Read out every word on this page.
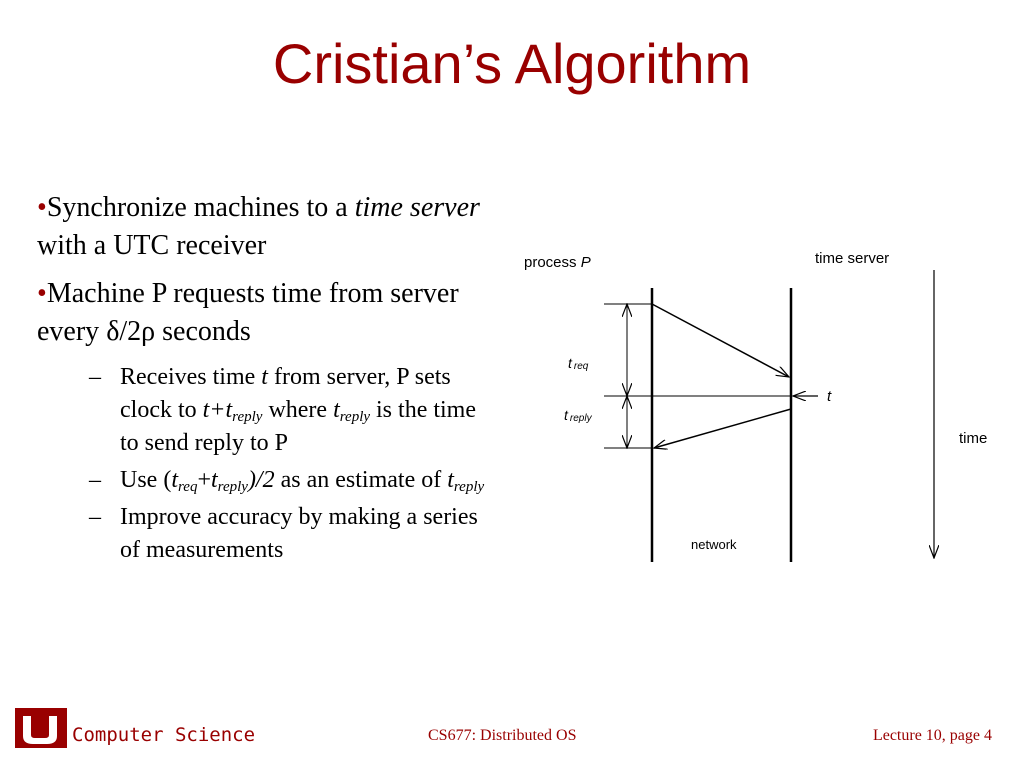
Cristian’s Algorithm
•Synchronize machines to a time server with a UTC receiver
•Machine P requests time from server every δ/2ρ seconds
– Receives time t from server, P sets clock to $t+t_{reply}$ where $t_{reply}$ is the time to send reply to P
– Use $(t_{req}+t_{reply})/2$ as an estimate of $t_{reply}$
– Improve accuracy by making a series of measurements
process P	time server
time
t req
t reply
t
network
Computer Science	CS677: Distributed OS	Lecture 10, page 4
